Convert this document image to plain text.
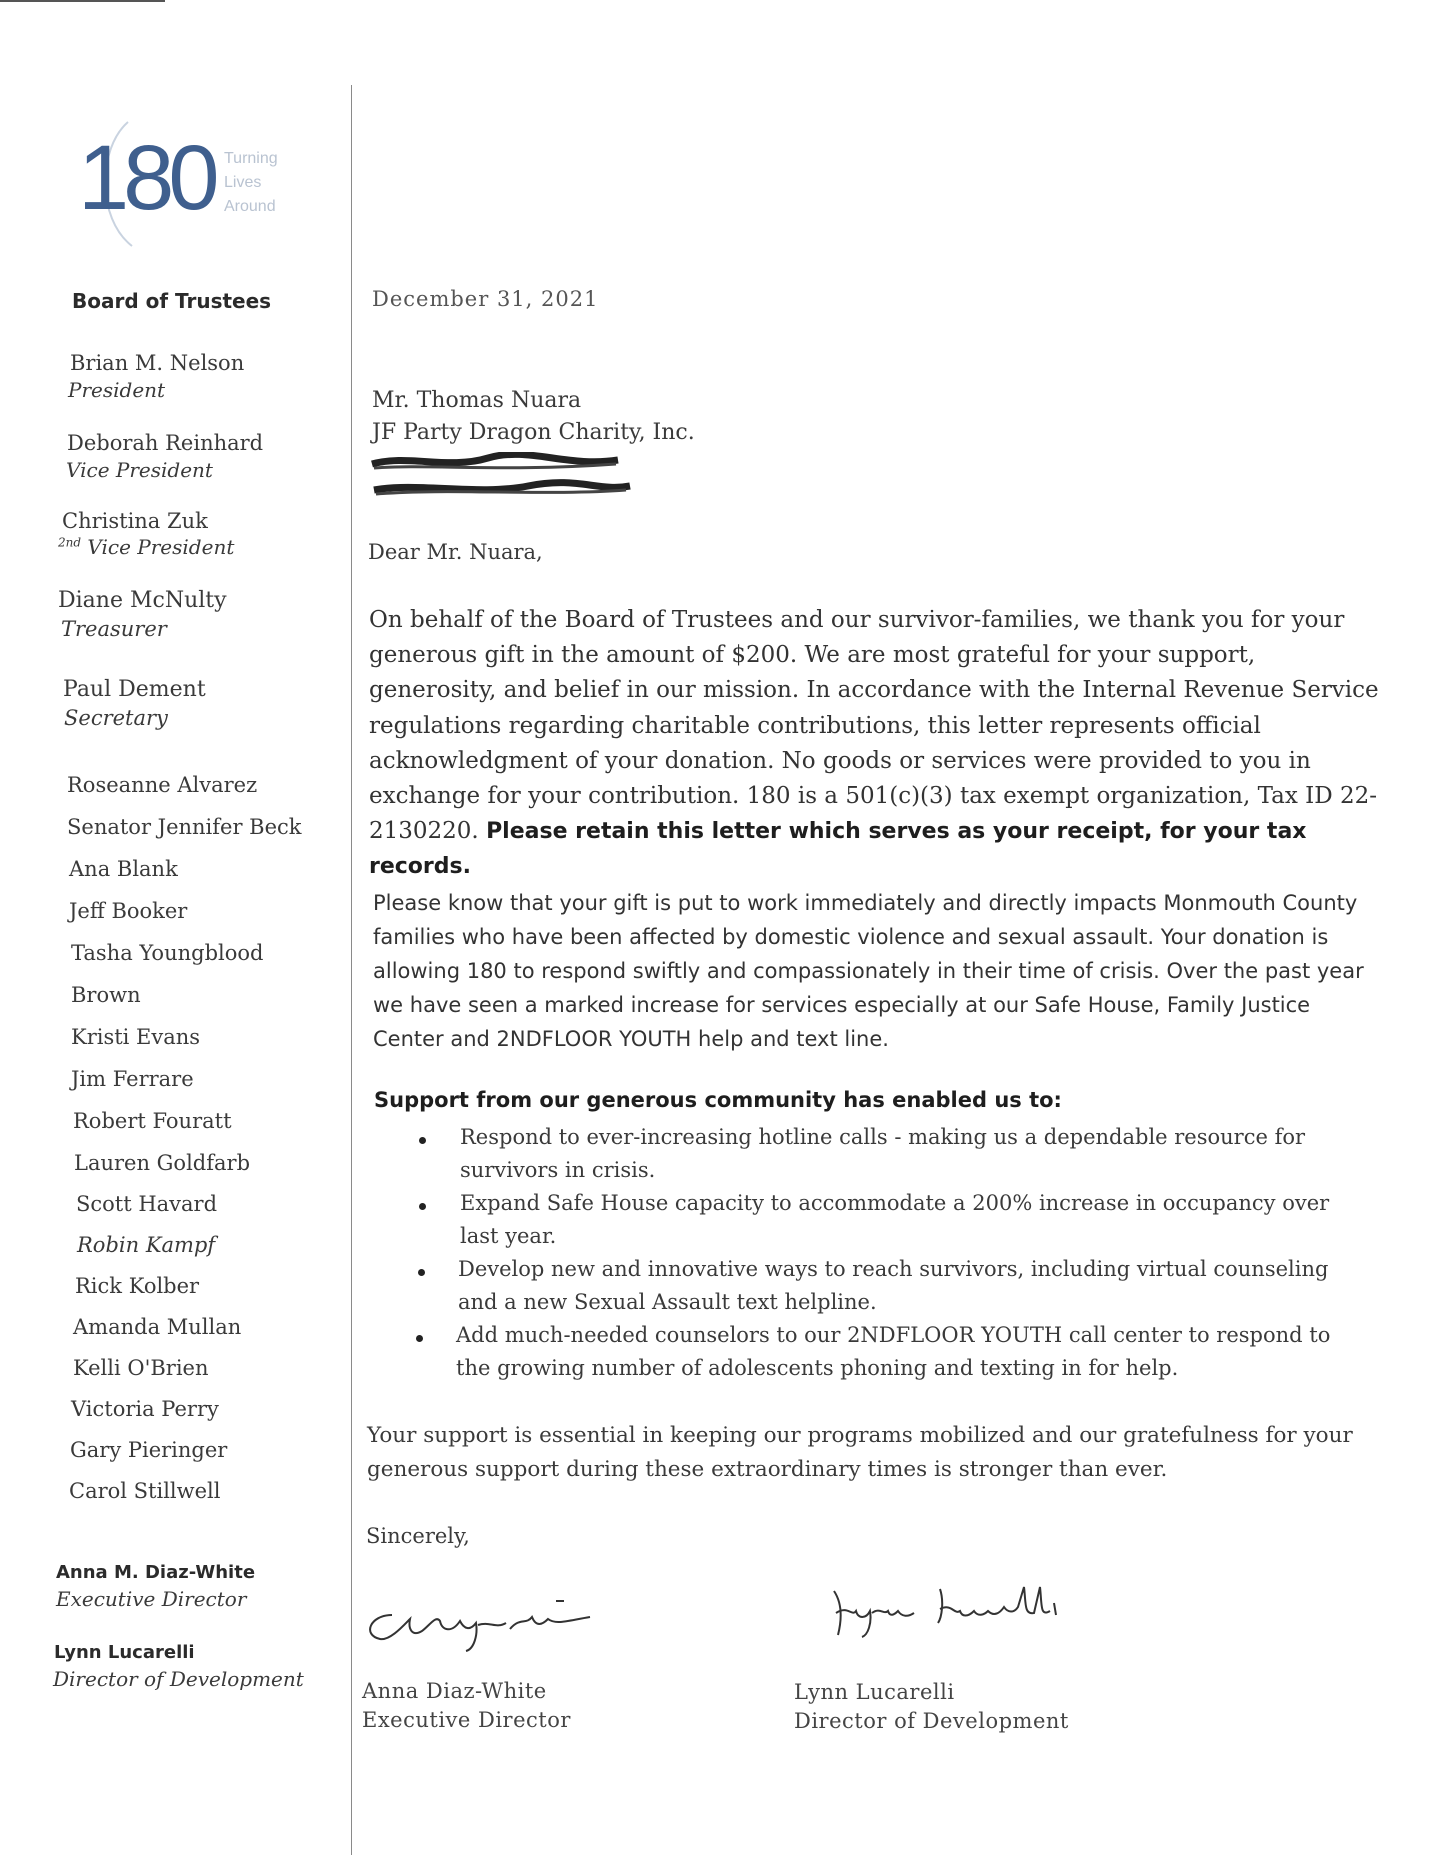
180 Turning
Lives
Around
Board of Trustees
Brian M. Nelson
President
Deborah Reinhard
Vice President
Christina Zuk
$^{2nd}$ Vice President
Diane McNulty
Treasurer
Paul Dement
Secretary
Roseanne Alvarez
Senator Jennifer Beck
Ana Blank
Jeff Booker
Tasha Youngblood
Brown
Kristi Evans
Jim Ferrare
Robert Fouratt
Lauren Goldfarb
Scott Havard
Robin Kampf
Rick Kolber
Amanda Mullan
Kelli O'Brien
Victoria Perry
Gary Pieringer
Carol Stillwell
Anna M. Diaz-White
Executive Director
Lynn Lucarelli
Director of Development
December 31, 2021
Mr. Thomas Nuara
JF Party Dragon Charity, Inc.
Dear Mr. Nuara,
On behalf of the Board of Trustees and our survivor-families, we thank you for your generous gift in the amount of $200. We are most grateful for your support, generosity, and belief in our mission. In accordance with the Internal Revenue Service regulations regarding charitable contributions, this letter represents official acknowledgment of your donation. No goods or services were provided to you in exchange for your contribution. 180 is a 501(c)(3) tax exempt organization, Tax ID 22-2130220. Please retain this letter which serves as your receipt, for your tax records.
Please know that your gift is put to work immediately and directly impacts Monmouth County families who have been affected by domestic violence and sexual assault. Your donation is allowing 180 to respond swiftly and compassionately in their time of crisis. Over the past year we have seen a marked increase for services especially at our Safe House, Family Justice Center and 2NDFLOOR YOUTH help and text line.
Support from our generous community has enabled us to:
Respond to ever-increasing hotline calls - making us a dependable resource for survivors in crisis.
Expand Safe House capacity to accommodate a 200% increase in occupancy over last year.
Develop new and innovative ways to reach survivors, including virtual counseling and a new Sexual Assault text helpline.
Add much-needed counselors to our 2NDFLOOR YOUTH call center to respond to the growing number of adolescents phoning and texting in for help.
Your support is essential in keeping our programs mobilized and our gratefulness for your generous support during these extraordinary times is stronger than ever.
Sincerely,
Anna Diaz-White
Executive Director
Lynn Lucarelli
Director of Development
